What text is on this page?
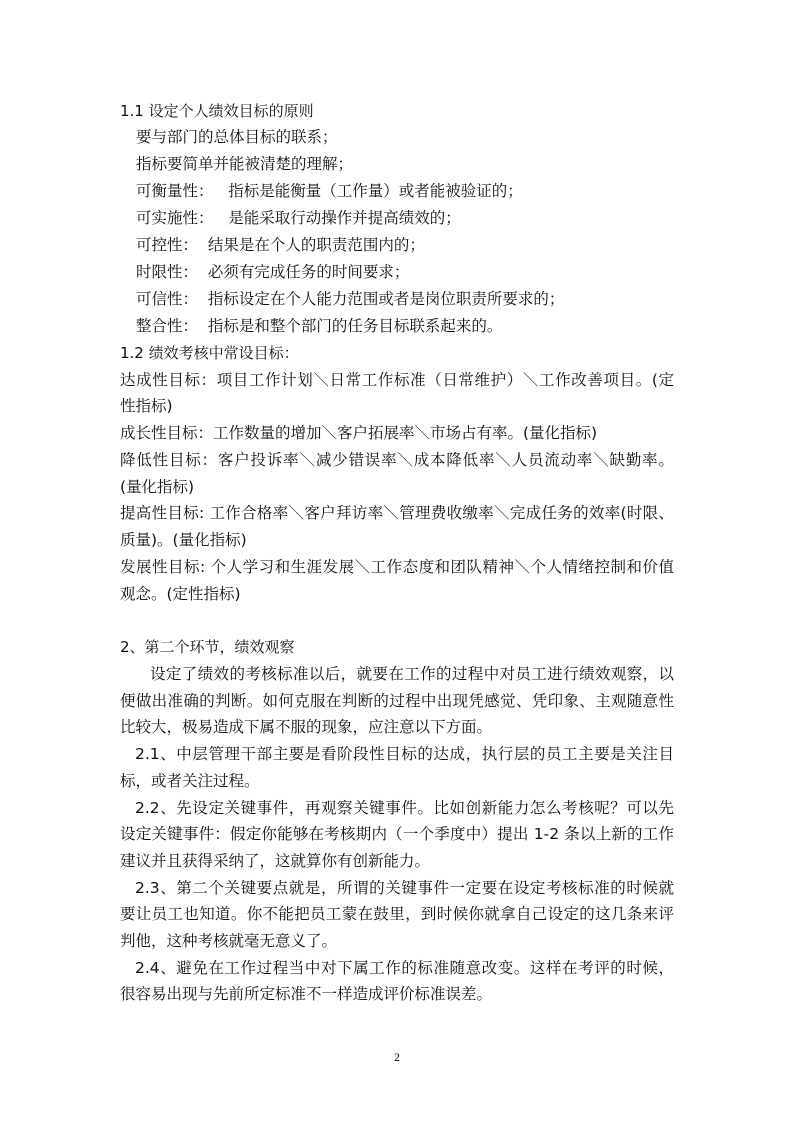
1.1 设定个人绩效目标的原则
要与部门的总体目标的联系；
指标要简单并能被清楚的理解；
可衡量性：   指标是能衡量（工作量）或者能被验证的；
可实施性：   是能采取行动操作并提高绩效的；
可控性：  结果是在个人的职责范围内的；
时限性：  必须有完成任务的时间要求；
可信性：  指标设定在个人能力范围或者是岗位职责所要求的；
整合性：  指标是和整个部门的任务目标联系起来的。
1.2 绩效考核中常设目标：
达成性目标：项目工作计划＼日常工作标准（日常维护）＼工作改善项目。(定
性指标)
成长性目标：工作数量的增加＼客户拓展率＼市场占有率。(量化指标)
降低性目标：客户投诉率＼减少错误率＼成本降低率＼人员流动率＼缺勤率。
(量化指标)
提高性目标: 工作合格率＼客户拜访率＼管理费收缴率＼完成任务的效率(时限、
质量)。(量化指标)
发展性目标: 个人学习和生涯发展＼工作态度和团队精神＼个人情绪控制和价值
观念。(定性指标)
2、第二个环节，绩效观察
设定了绩效的考核标准以后，就要在工作的过程中对员工进行绩效观察，以
便做出准确的判断。如何克服在判断的过程中出现凭感觉、凭印象、主观随意性
比较大，极易造成下属不服的现象，应注意以下方面。
2.1、中层管理干部主要是看阶段性目标的达成，执行层的员工主要是关注目
标，或者关注过程。
2.2、先设定关键事件，再观察关键事件。比如创新能力怎么考核呢？可以先
设定关键事件：假定你能够在考核期内（一个季度中）提出 1-2 条以上新的工作
建议并且获得采纳了，这就算你有创新能力。
2.3、第二个关键要点就是，所谓的关键事件一定要在设定考核标准的时候就
要让员工也知道。你不能把员工蒙在鼓里，到时候你就拿自己设定的这几条来评
判他，这种考核就毫无意义了。
2.4、避免在工作过程当中对下属工作的标准随意改变。这样在考评的时候，
很容易出现与先前所定标准不一样造成评价标准误差。
2
